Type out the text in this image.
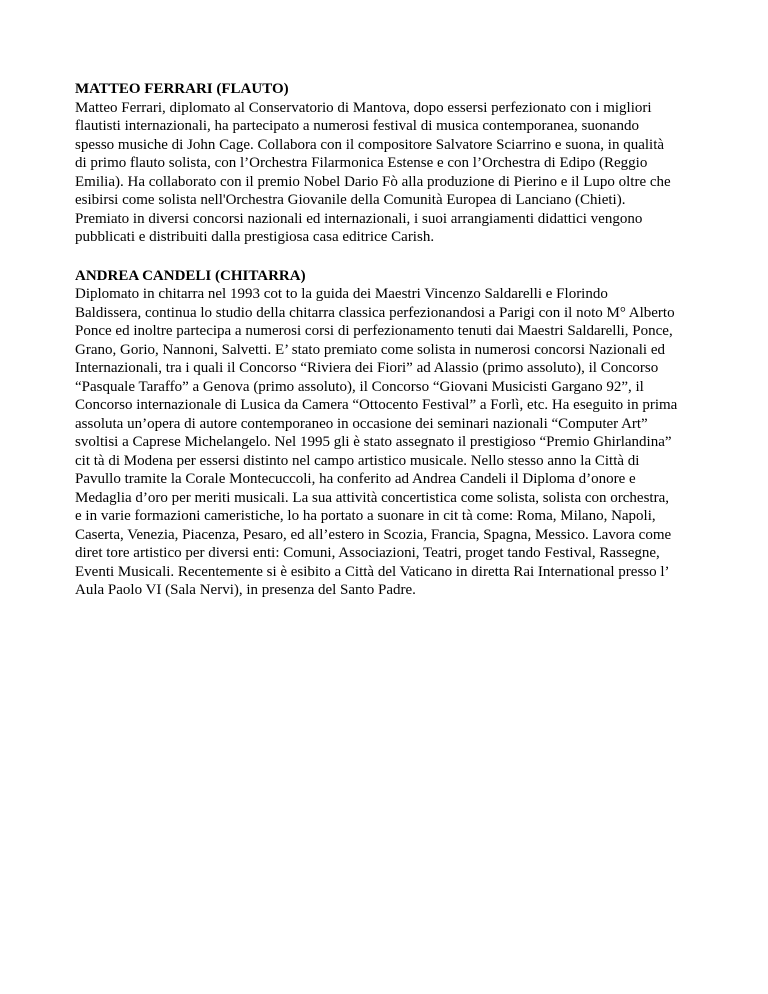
MATTEO FERRARI (FLAUTO)

Matteo Ferrari, diplomato al Conservatorio di Mantova, dopo essersi perfezionato con i migliori
flautisti internazionali, ha partecipato a numerosi festival di musica contemporanea, suonando
spesso musiche di John Cage. Collabora con il compositore Salvatore Sciarrino e suona, in qualità
di primo flauto solista, con l’Orchestra Filarmonica Estense e con l’Orchestra di Edipo (Reggio
Emilia). Ha collaborato con il premio Nobel Dario Fò alla produzione di Pierino e il Lupo oltre che
esibirsi come solista nell'Orchestra Giovanile della Comunità Europea di Lanciano (Chieti).
Premiato in diversi concorsi nazionali ed internazionali, i suoi arrangiamenti didattici vengono
pubblicati e distribuiti dalla prestigiosa casa editrice Carish.

ANDREA CANDELI (CHITARRA)

Diplomato in chitarra nel 1993 cot to la guida dei Maestri Vincenzo Saldarelli e Florindo
Baldissera, continua lo studio della chitarra classica perfezionandosi a Parigi con il noto M° Alberto
Ponce ed inoltre partecipa a numerosi corsi di perfezionamento tenuti dai Maestri Saldarelli, Ponce,
Grano, Gorio, Nannoni, Salvetti. E’ stato premiato come solista in numerosi concorsi Nazionali ed
Internazionali, tra i quali il Concorso “Riviera dei Fiori” ad Alassio (primo assoluto), il Concorso
“Pasquale Taraffo” a Genova (primo assoluto), il Concorso “Giovani Musicisti Gargano 92”, il
Concorso internazionale di Lusica da Camera “Ottocento Festival” a Forlì, etc. Ha eseguito in prima
assoluta un’opera di autore contemporaneo in occasione dei seminari nazionali “Computer Art”
svoltisi a Caprese Michelangelo. Nel 1995 gli è stato assegnato il prestigioso “Premio Ghirlandina”
cit tà di Modena per essersi distinto nel campo artistico musicale. Nello stesso anno la Città di
Pavullo tramite la Corale Montecuccoli, ha conferito ad Andrea Candeli il Diploma d’onore e
Medaglia d’oro per meriti musicali. La sua attività concertistica come solista, solista con orchestra,
e in varie formazioni cameristiche, lo ha portato a suonare in cit tà come: Roma, Milano, Napoli,
Caserta, Venezia, Piacenza, Pesaro, ed all’estero in Scozia, Francia, Spagna, Messico. Lavora come
diret tore artistico per diversi enti: Comuni, Associazioni, Teatri, proget tando Festival, Rassegne,
Eventi Musicali. Recentemente si è esibito a Città del Vaticano in diretta Rai International presso l’
Aula Paolo VI (Sala Nervi), in presenza del Santo Padre.
